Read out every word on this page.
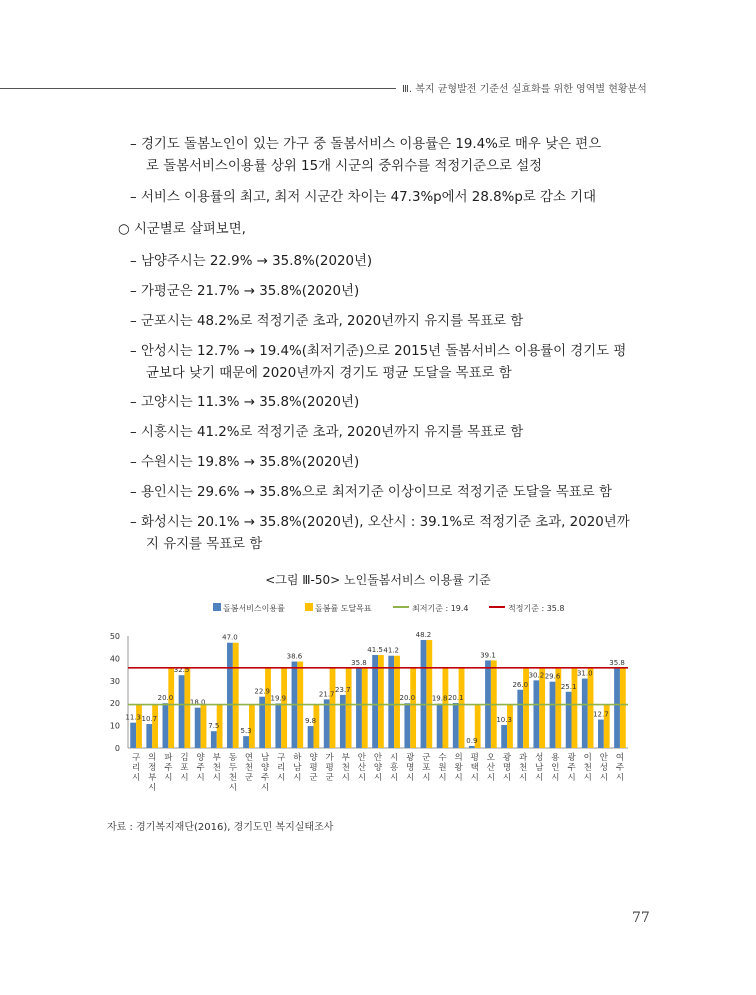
Ⅲ. 복지 균형발전 기준선 실효화를 위한 영역별 현황분석
– 경기도 돌봄노인이 있는 가구 중 돌봄서비스 이용률은 19.4%로 매우 낮은 편으
로 돌봄서비스이용률 상위 15개 시군의 중위수를 적정기준으로 설정
– 서비스 이용률의 최고, 최저 시군간 차이는 47.3%p에서 28.8%p로 감소 기대
○ 시군별로 살펴보면,
– 남양주시는 22.9% → 35.8%(2020년)
– 가평군은 21.7% → 35.8%(2020년)
– 군포시는 48.2%로 적정기준 초과, 2020년까지 유지를 목표로 함
– 안성시는 12.7% → 19.4%(최저기준)으로 2015년 돌봄서비스 이용률이 경기도 평
균보다 낮기 때문에 2020년까지 경기도 평균 도달을 목표로 함
– 고양시는 11.3% → 35.8%(2020년)
– 시흥시는 41.2%로 적정기준 초과, 2020년까지 유지를 목표로 함
– 수원시는 19.8% → 35.8%(2020년)
– 용인시는 29.6% → 35.8%으로 최저기준 이상이므로 적정기준 도달을 목표로 함
– 화성시는 20.1% → 35.8%(2020년), 오산시 : 39.1%로 적정기준 초과, 2020년까
지 유지를 목표로 함
<그림 Ⅲ-50> 노인돌봄서비스 이용률 기준
돌봄서비스이용률	돌봄률 도달목표	최저기준 : 19.4	적정기준 : 35.8
0
10
20
30
40
50
11.3
구 리 시
10.7
의 정 부 시
20.0
파 주 시
32.5
김 포 시
18.0
양 주 시
7.5
부 천 시
47.0
동 두 천 시
5.3
연 천 군
22.9
남 양 주 시
19.9
구 리 시
38.6
하 남 시
9.8
양 평 군
21.7
가 평 군
23.7
부 천 시
35.8
안 산 시
41.5
안 양 시
41.2
시 흥 시
20.0
광 명 시
48.2
군 포 시
19.8
수 원 시
20.1
의 왕 시
0.9
평 택 시
39.1
오 산 시
10.3
광 명 시
26.0
과 천 시
30.2
성 남 시
29.6
용 인 시
25.1
광 주 시
31.0
이 천 시
12.7
안 성 시
35.8
여 주 시
자료 : 경기복지재단(2016), 경기도민 복지실태조사
77
